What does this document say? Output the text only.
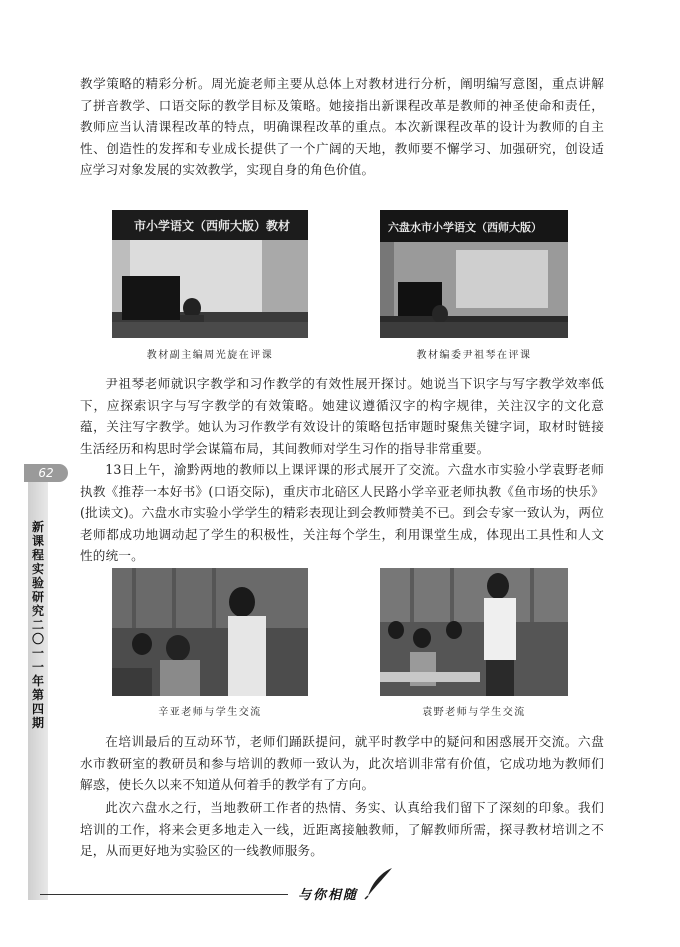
教学策略的精彩分析。周光旋老师主要从总体上对教材进行分析，阐明编写意图，重点讲解了拼音教学、口语交际的教学目标及策略。她接指出新课程改革是教师的神圣使命和责任，教师应当认清课程改革的特点，明确课程改革的重点。本次新课程改革的设计为教师的自主性、创造性的发挥和专业成长提供了一个广阔的天地，教师要不懈学习、加强研究，创设适应学习对象发展的实效教学，实现自身的角色价值。

市小学语文（西师大版）教材
教材副主编周光旋在评课
六盘水市小学语文（西师大版）
教材编委尹祖琴在评课

尹祖琴老师就识字教学和习作教学的有效性展开探讨。她说当下识字与写字教学效率低下，应探索识字与写字教学的有效策略。她建议遵循汉字的构字规律，关注汉字的文化意蕴，关注写字教学。她认为习作教学有效设计的策略包括审题时聚焦关键字词，取材时链接生活经历和构思时学会谋篇布局，其间教师对学生习作的指导非常重要。

13日上午，渝黔两地的教师以上课评课的形式展开了交流。六盘水市实验小学袁野老师执教《推荐一本好书》(口语交际)，重庆市北碚区人民路小学辛亚老师执教《鱼市场的快乐》(批读文)。六盘水市实验小学学生的精彩表现让到会教师赞美不已。到会专家一致认为，两位老师都成功地调动起了学生的积极性，关注每个学生，利用课堂生成，体现出工具性和人文性的统一。

辛亚老师与学生交流	袁野老师与学生交流

在培训最后的互动环节，老师们踊跃提问，就平时教学中的疑问和困惑展开交流。六盘水市教研室的教研员和参与培训的教师一致认为，此次培训非常有价值，它成功地为教师们解惑，使长久以来不知道从何着手的教学有了方向。

此次六盘水之行，当地教研工作者的热情、务实、认真给我们留下了深刻的印象。我们培训的工作，将来会更多地走入一线，近距离接触教师，了解教师所需，探寻教材培训之不足，从而更好地为实验区的一线教师服务。

62
新课程实验研究　二〇一一年　第四期
与你相随
